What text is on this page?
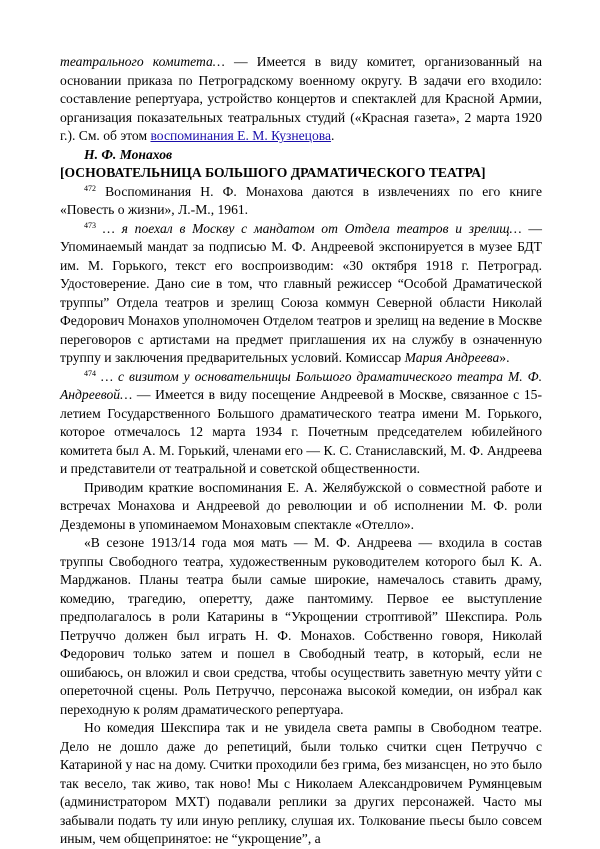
театрального комитета… — Имеется в виду комитет, организованный на основании приказа по Петроградскому военному округу. В задачи его входило: составление репертуара, устройство концертов и спектаклей для Красной Армии, организация показательных театральных студий («Красная газета», 2 марта 1920 г.). См. об этом воспоминания Е. М. Кузнецова.

Н. Ф. Монахов

[ОСНОВАТЕЛЬНИЦА БОЛЬШОГО ДРАМАТИЧЕСКОГО ТЕАТРА]

$^{472}$ Воспоминания Н. Ф. Монахова даются в извлечениях по его книге «Повесть о жизни», Л.-М., 1961.

$^{473}$ … я поехал в Москву с мандатом от Отдела театров и зрелищ… — Упоминаемый мандат за подписью М. Ф. Андреевой экспонируется в музее БДТ им. М. Горького, текст его воспроизводим: «30 октября 1918 г. Петроград. Удостоверение. Дано сие в том, что главный режиссер “Особой Драматической труппы” Отдела театров и зрелищ Союза коммун Северной области Николай Федорович Монахов уполномочен Отделом театров и зрелищ на ведение в Москве переговоров с артистами на предмет приглашения их на службу в означенную труппу и заключения предварительных условий. Комиссар Мария Андреева».

$^{474}$ … с визитом у основательницы Большого драматического театра М. Ф. Андреевой… — Имеется в виду посещение Андреевой в Москве, связанное с 15-летием Государственного Большого драматического театра имени М. Горького, которое отмечалось 12 марта 1934 г. Почетным председателем юбилейного комитета был А. М. Горький, членами его — К. С. Станиславский, М. Ф. Андреева и представители от театральной и советской общественности.

Приводим краткие воспоминания Е. А. Желябужской о совместной работе и встречах Монахова и Андреевой до революции и об исполнении М. Ф. роли Дездемоны в упоминаемом Монаховым спектакле «Отелло».

«В сезоне 1913/14 года моя мать — М. Ф. Андреева — входила в состав труппы Свободного театра, художественным руководителем которого был К. А. Марджанов. Планы театра были самые широкие, намечалось ставить драму, комедию, трагедию, оперетту, даже пантомиму. Первое ее выступление предполагалось в роли Катарины в “Укрощении строптивой” Шекспира. Роль Петруччо должен был играть Н. Ф. Монахов. Собственно говоря, Николай Федорович только затем и пошел в Свободный театр, в который, если не ошибаюсь, он вложил и свои средства, чтобы осуществить заветную мечту уйти с опереточной сцены. Роль Петруччо, персонажа высокой комедии, он избрал как переходную к ролям драматического репертуара.

Но комедия Шекспира так и не увидела света рампы в Свободном театре. Дело не дошло даже до репетиций, были только считки сцен Петруччо с Катариной у нас на дому. Считки проходили без грима, без мизансцен, но это было так весело, так живо, так ново! Мы с Николаем Александровичем Румянцевым (администратором МХТ) подавали реплики за других персонажей. Часто мы забывали подать ту или иную реплику, слушая их. Толкование пьесы было совсем иным, чем общепринятое: не “укрощение”, а
